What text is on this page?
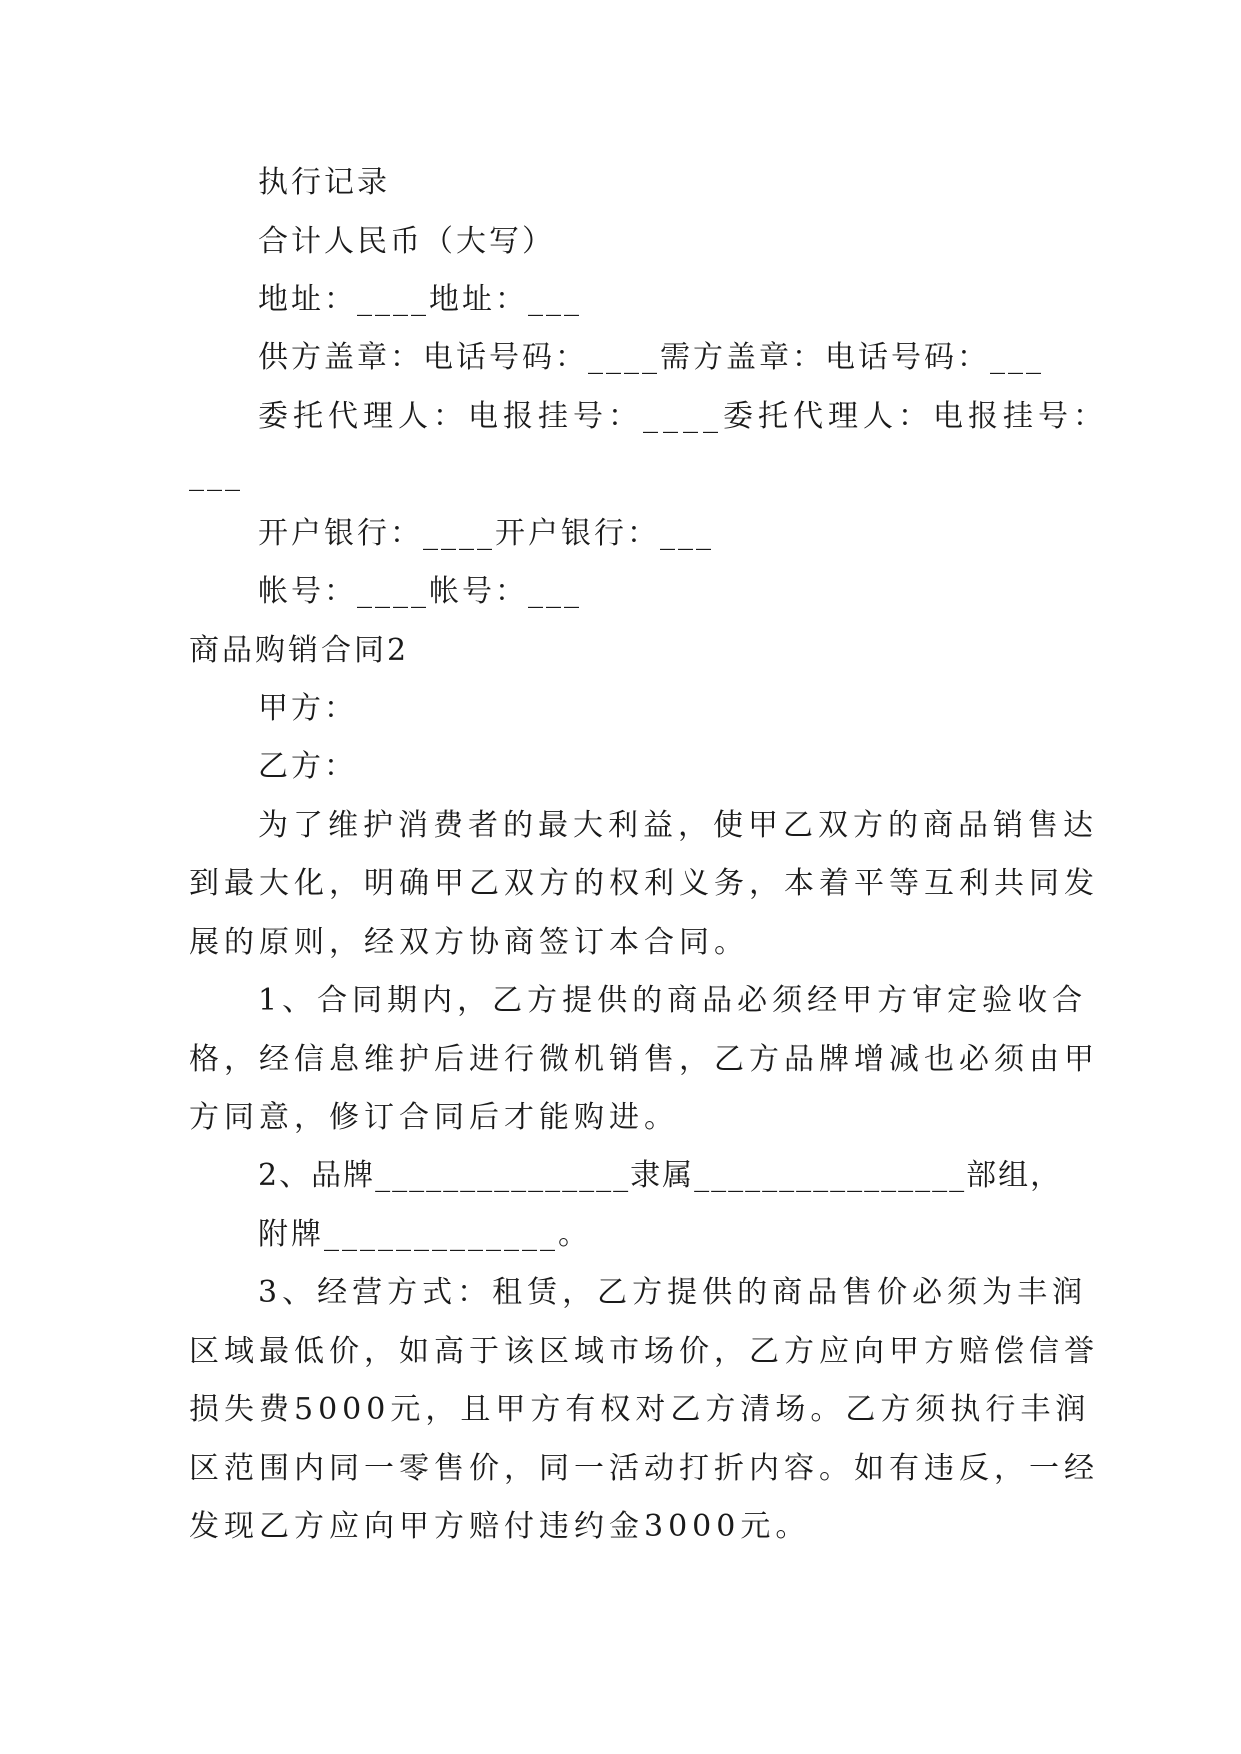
执行记录
合计人民币（大写）
地址：____地址：___
供方盖章：电话号码：____需方盖章：电话号码：___
委托代理人：电报挂号：____委托代理人：电报挂号：
___
开户银行：____开户银行：___
帐号：____帐号：___
商品购销合同2
甲方：
乙方：
为了维护消费者的最大利益，使甲乙双方的商品销售达
到最大化，明确甲乙双方的权利义务，本着平等互利共同发
展的原则，经双方协商签订本合同。
1、合同期内，乙方提供的商品必须经甲方审定验收合
格，经信息维护后进行微机销售，乙方品牌增减也必须由甲
方同意，修订合同后才能购进。
2、品牌_______________隶属________________部组，
附牌_____________。
3、经营方式：租赁，乙方提供的商品售价必须为丰润
区域最低价，如高于该区域市场价，乙方应向甲方赔偿信誉
损失费5000元，且甲方有权对乙方清场。乙方须执行丰润
区范围内同一零售价，同一活动打折内容。如有违反，一经
发现乙方应向甲方赔付违约金3000元。
